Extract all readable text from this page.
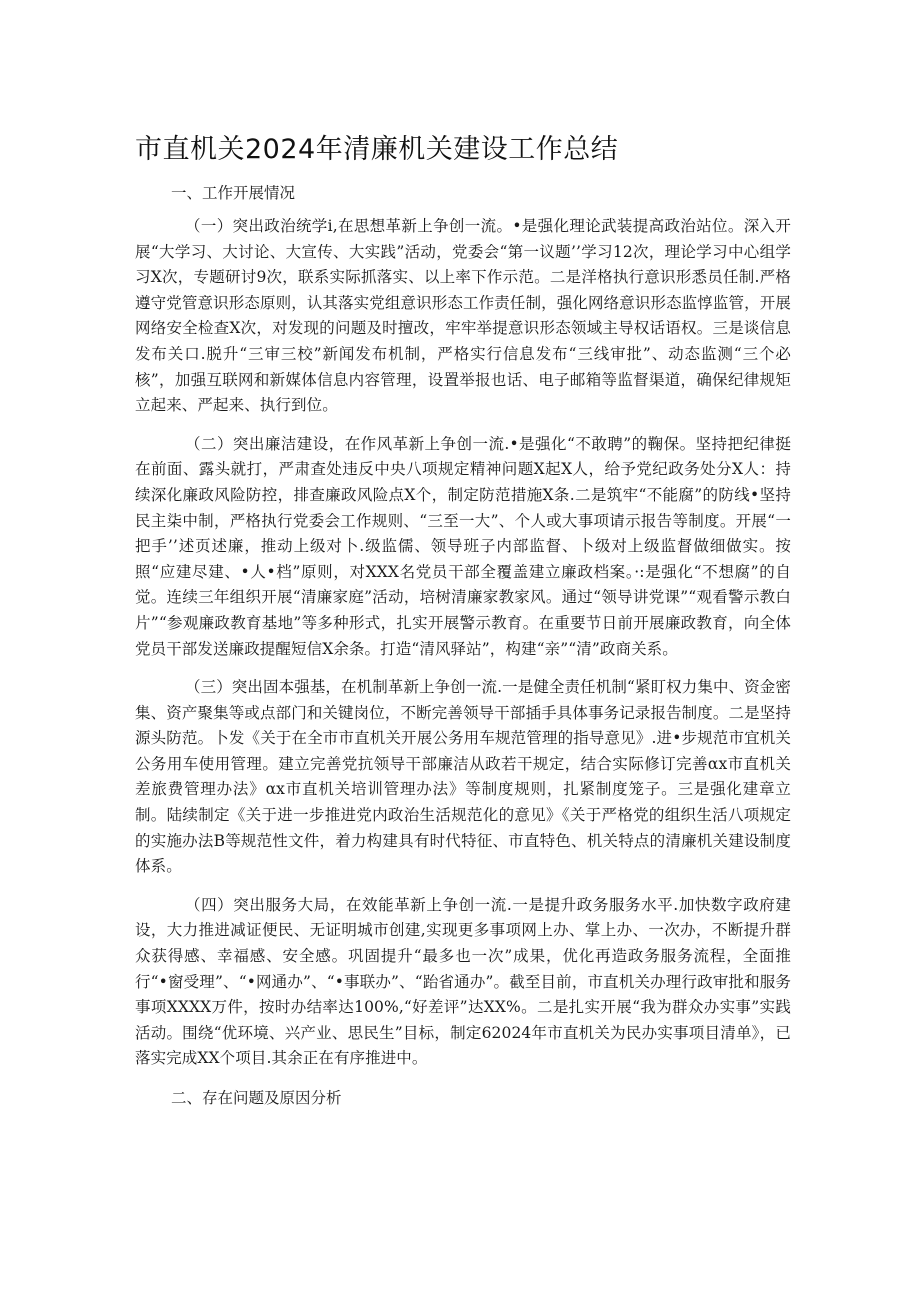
市直机关2024年清廉机关建设工作总结

一、工作开展情况

（一）突出政治统学i,在思想革新上争创一流。•是强化理论武装提高政治站位。深入开展“大学习、大讨论、大宣传、大实践”活动，党委会“第一议题’’学习12次，理论学习中心组学习X次，专题研讨9次，联系实际抓落实、以上率下作示范。二是洋格执行意识形悉员任制.严格遵守党管意识形态原则，认其落实党组意识形态工作责任制，强化网络意识形态监惇监管，开展网络安全检查X次，对发现的问题及时擅改，牢牢举提意识形态领域主导权话语权。三是谈信息发布关口.脱升“三审三校”新闻发布机制，严格实行信息发布“三线审批”、动态监测“三个必核”，加强互联网和新媒体信息内容管理，设置举报也话、电子邮箱等监督渠道，确保纪律规矩立起来、严起来、执行到位。

（二）突出廉洁建设，在作风革新上争创一流.•是强化“不敢聘”的鞠保。坚持把纪律挺在前面、露头就打，严肃查处违反中央八项规定精神问题X起X人，给予党纪政务处分X人：持续深化廉政风险防控，排查廉政风险点X个，制定防范措施X条.二是筑牢“不能腐”的防线•坚持民主柒中制，严格执行党委会工作规则、“三至一大”、个人或大事项请示报告等制度。开展“一把手’’述页述廉，推动上级对卜.级监儒、领导班子内部监督、卜级对上级监督做细做实。按照“应建尽建、•人•档”原则，对XXX名党员干部全覆盖建立廉政档案。·:是强化“不想腐”的自觉。连续三年组织开展“清廉家庭”活动，培树清廉家教家风。通过“领导讲党课”“观看警示教白片”“参观廉政教育基地”等多种形式，扎实开展警示教育。在重要节日前开展廉政教育，向全体党员干部发送廉政提醒短信X余条。打造“清风驿站”，构建“亲”“清”政商关系。

（三）突出固本强基，在机制革新上争创一流.一是健全责任机制“紧盯权力集中、资金密集、资产聚集等或点部门和关键岗位，不断完善领导干部插手具体事务记录报告制度。二是坚持源头防范。卜发《关于在全市市直机关开展公务用车规范管理的指导意见》.进•步规范市宜机关公务用车使用管理。建立完善党抗领导干部廉洁从政若干规定，结合实际修订完善αx市直机关差旅费管理办法》αx市直机关培训管理办法》等制度规则，扎紧制度笼子。三是强化建章立制。陆续制定《关于进一步推进党内政治生活规范化的意见》《关于严格党的组织生活八项规定的实施办法B等规范性文件，着力构建具有时代特征、市直特色、机关特点的清廉机关建设制度体系。

（四）突出服务大局，在效能革新上争创一流.一是提升政务服务水平.加快数字政府建设，大力推进减证便民、无证明城市创建,实现更多事项网上办、掌上办、一次办，不断提升群众获得感、幸福感、安全感。巩固提升“最多也一次”成果，优化再造政务服务流程，全面推行“•窗受理”、“•网通办”、“•事联办”、“跆省通办”。截至目前，市直机关办理行政审批和服务事项XXXX万件，按时办结率达100%,“好差评”达XX%。二是扎实开展“我为群众办实事”实践活动。围绕“优环境、兴产业、思民生”目标，制定62024年市直机关为民办实事项目清单》，已落实完成XX个项目.其余正在有序推进中。

二、存在问题及原因分析
